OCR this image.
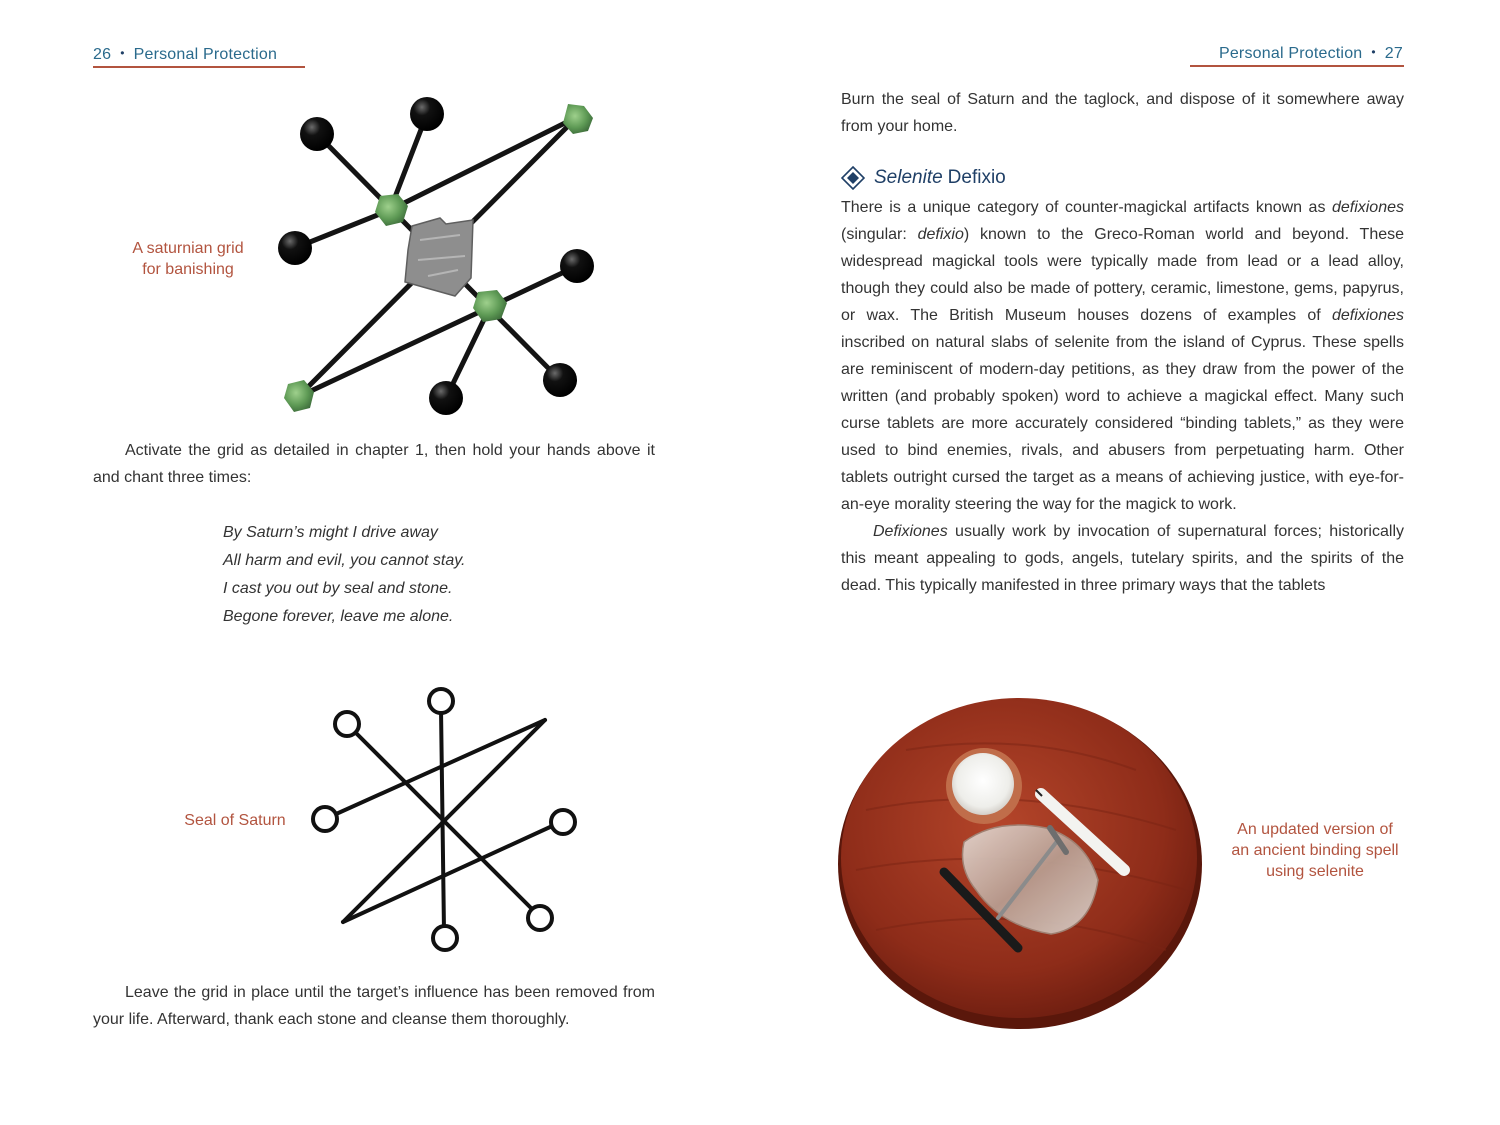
26 • Personal Protection
A saturnian grid
for banishing

Activate the grid as detailed in chapter 1, then hold your hands above it and chant three times:

By Saturn’s might I drive away
All harm and evil, you cannot stay.
I cast you out by seal and stone.
Begone forever, leave me alone.
Seal of Saturn

Leave the grid in place until the target’s influence has been removed from your life. Afterward, thank each stone and cleanse them thoroughly.

Personal Protection • 27

Burn the seal of Saturn and the taglock, and dispose of it somewhere away from your home.

Selenite Defixio

There is a unique category of counter-magickal artifacts known as defixiones (singular: defixio) known to the Greco-Roman world and beyond. These widespread magickal tools were typically made from lead or a lead alloy, though they could also be made of pottery, ceramic, limestone, gems, papyrus, or wax. The British Museum houses dozens of examples of defixiones inscribed on natural slabs of selenite from the island of Cyprus. These spells are reminiscent of modern-day petitions, as they draw from the power of the written (and probably spoken) word to achieve a magickal effect. Many such curse tablets are more accurately considered “binding tablets,” as they were used to bind enemies, rivals, and abusers from perpetuating harm. Other tablets outright cursed the target as a means of achieving justice, with eye-for-an-eye morality steering the way for the magick to work.

Defixiones usually work by invocation of supernatural forces; historically this meant appealing to gods, angels, tutelary spirits, and the spirits of the dead. This typically manifested in three primary ways that the tablets

An updated version of
an ancient binding spell
using selenite
